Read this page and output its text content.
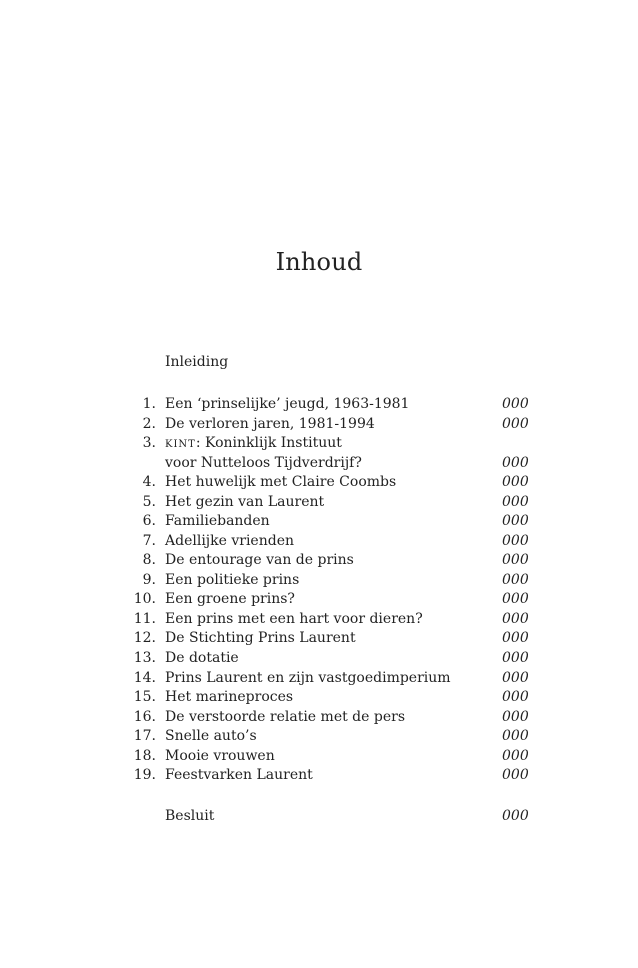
Inhoud
Inleiding
1. Een ‘prinselijke’ jeugd, 1963-1981	000
2. De verloren jaren, 1981-1994	000
3. kint: Koninklijk Instituut
voor Nutteloos Tijdverdrijf?	000
4. Het huwelijk met Claire Coombs	000
5. Het gezin van Laurent	000
6. Familiebanden	000
7. Adellijke vrienden	000
8. De entourage van de prins	000
9. Een politieke prins	000
10. Een groene prins?	000
11. Een prins met een hart voor dieren?	000
12. De Stichting Prins Laurent	000
13. De dotatie	000
14. Prins Laurent en zijn vastgoedimperium	000
15. Het marineproces	000
16. De verstoorde relatie met de pers	000
17. Snelle auto’s	000
18. Mooie vrouwen	000
19. Feestvarken Laurent	000
Besluit	000
